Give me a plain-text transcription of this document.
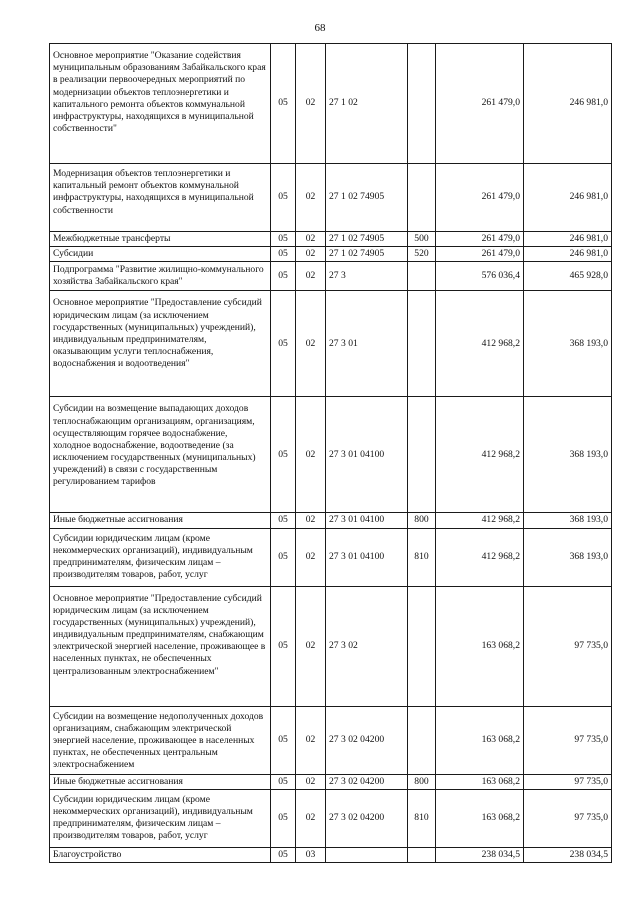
68
Основное мероприятие "Оказание содействия муниципальным образованиям Забайкальского края в реализации первоочередных мероприятий по модернизации объектов теплоэнергетики и капитального ремонта объектов коммунальной инфраструктуры, находящихся в муниципальной собственности"	05	02	27 1 02		261 479,0	246 981,0
Модернизация объектов теплоэнергетики и капитальный ремонт объектов коммунальной инфраструктуры, находящихся в муниципальной собственности	05	02	27 1 02 74905		261 479,0	246 981,0
Межбюджетные трансферты	05	02	27 1 02 74905	500	261 479,0	246 981,0
Субсидии	05	02	27 1 02 74905	520	261 479,0	246 981,0
Подпрограмма "Развитие жилищно-коммунального хозяйства Забайкальского края"	05	02	27 3		576 036,4	465 928,0
Основное мероприятие "Предоставление субсидий юридическим лицам (за исключением государственных (муниципальных) учреждений), индивидуальным предпринимателям, оказывающим услуги теплоснабжения, водоснабжения и водоотведения"	05	02	27 3 01		412 968,2	368 193,0
Субсидии на возмещение выпадающих доходов теплоснабжающим организациям, организациям, осуществляющим горячее водоснабжение, холодное водоснабжение, водоотведение (за исключением государственных (муниципальных) учреждений) в связи с государственным регулированием тарифов	05	02	27 3 01 04100		412 968,2	368 193,0
Иные бюджетные ассигнования	05	02	27 3 01 04100	800	412 968,2	368 193,0
Субсидии юридическим лицам (кроме некоммерческих организаций), индивидуальным предпринимателям, физическим лицам – производителям товаров, работ, услуг	05	02	27 3 01 04100	810	412 968,2	368 193,0
Основное мероприятие "Предоставление субсидий юридическим лицам (за исключением государственных (муниципальных) учреждений), индивидуальным предпринимателям, снабжающим электрической энергией население, проживающее в населенных пунктах, не обеспеченных централизованным электроснабжением"	05	02	27 3 02		163 068,2	97 735,0
Субсидии на возмещение недополученных доходов организациям, снабжающим электрической энергией население, проживающее в населенных пунктах, не обеспеченных центральным электроснабжением	05	02	27 3 02 04200		163 068,2	97 735,0
Иные бюджетные ассигнования	05	02	27 3 02 04200	800	163 068,2	97 735,0
Субсидии юридическим лицам (кроме некоммерческих организаций), индивидуальным предпринимателям, физическим лицам – производителям товаров, работ, услуг	05	02	27 3 02 04200	810	163 068,2	97 735,0
Благоустройство	05	03			238 034,5	238 034,5
